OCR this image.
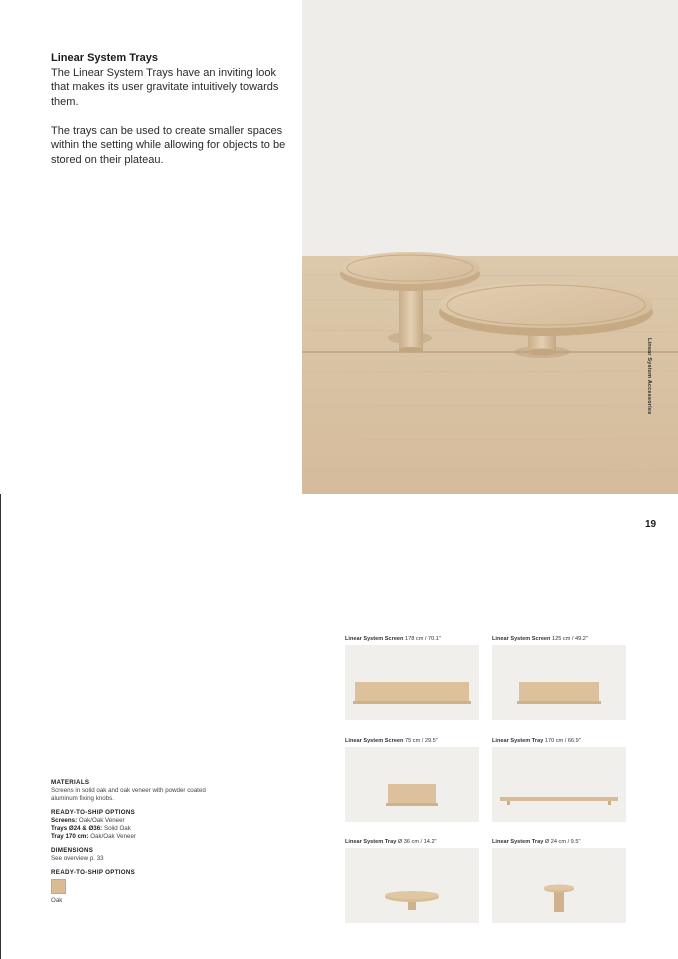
Linear System Trays

The Linear System Trays have an inviting look that makes its user gravitate intuitively towards them.

The trays can be used to create smaller spaces within the setting while allowing for objects to be stored on their plateau.

Linear System Accessories
19
Linear System Screen 178 cm / 70.1"	Linear System Screen 125 cm / 49.2"
Linear System Screen 75 cm / 29.5"	Linear System Tray 170 cm / 66.9"
Linear System Tray Ø 36 cm / 14.2"	Linear System Tray Ø 24 cm / 9.5"
MATERIALS
Screens in solid oak and oak veneer with powder coated aluminum fixing knobs.
READY-TO-SHIP OPTIONS
Screens: Oak/Oak Veneer
Trays Ø24 & Ø36: Solid Oak
Tray 170 cm: Oak/Oak Veneer
DIMENSIONS
See overview p. 33
READY-TO-SHIP OPTIONS
Oak
